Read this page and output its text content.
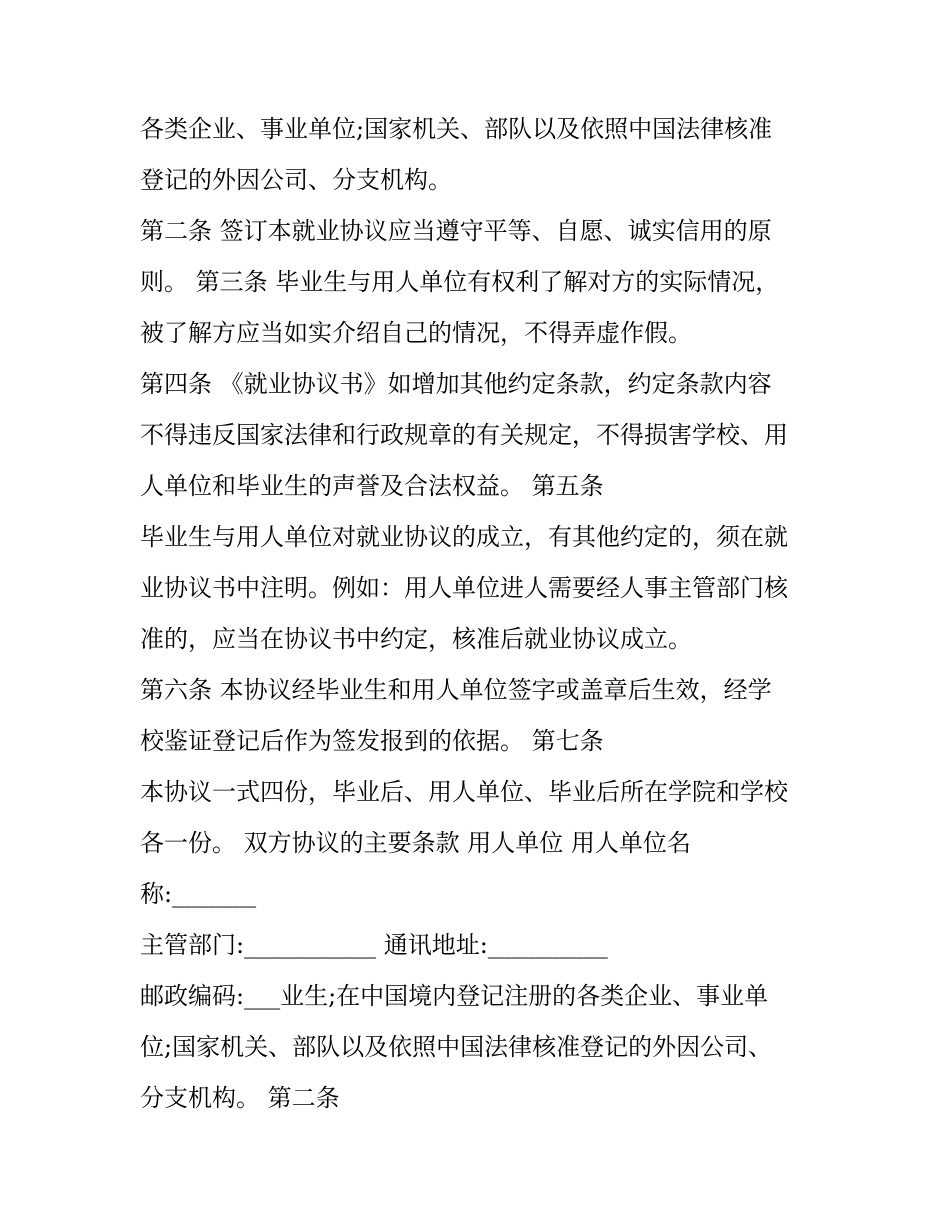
各类企业、事业单位;国家机关、部队以及依照中国法律核准
登记的外因公司、分支机构。
第二条 签订本就业协议应当遵守平等、自愿、诚实信用的原
则。 第三条 毕业生与用人单位有权利了解对方的实际情况，
被了解方应当如实介绍自己的情况，不得弄虚作假。
第四条 《就业协议书》如增加其他约定条款，约定条款内容
不得违反国家法律和行政规章的有关规定，不得损害学校、用
人单位和毕业生的声誉及合法权益。 第五条
毕业生与用人单位对就业协议的成立，有其他约定的，须在就
业协议书中注明。例如：用人单位进人需要经人事主管部门核
准的，应当在协议书中约定，核准后就业协议成立。
第六条 本协议经毕业生和用人单位签字或盖章后生效，经学
校鉴证登记后作为签发报到的依据。 第七条
本协议一式四份，毕业后、用人单位、毕业后所在学院和学校
各一份。 双方协议的主要条款 用人单位 用人单位名
称:_______
主管部门:___________ 通讯地址:__________
邮政编码:___业生;在中国境内登记注册的各类企业、事业单
位;国家机关、部队以及依照中国法律核准登记的外因公司、
分支机构。 第二条
